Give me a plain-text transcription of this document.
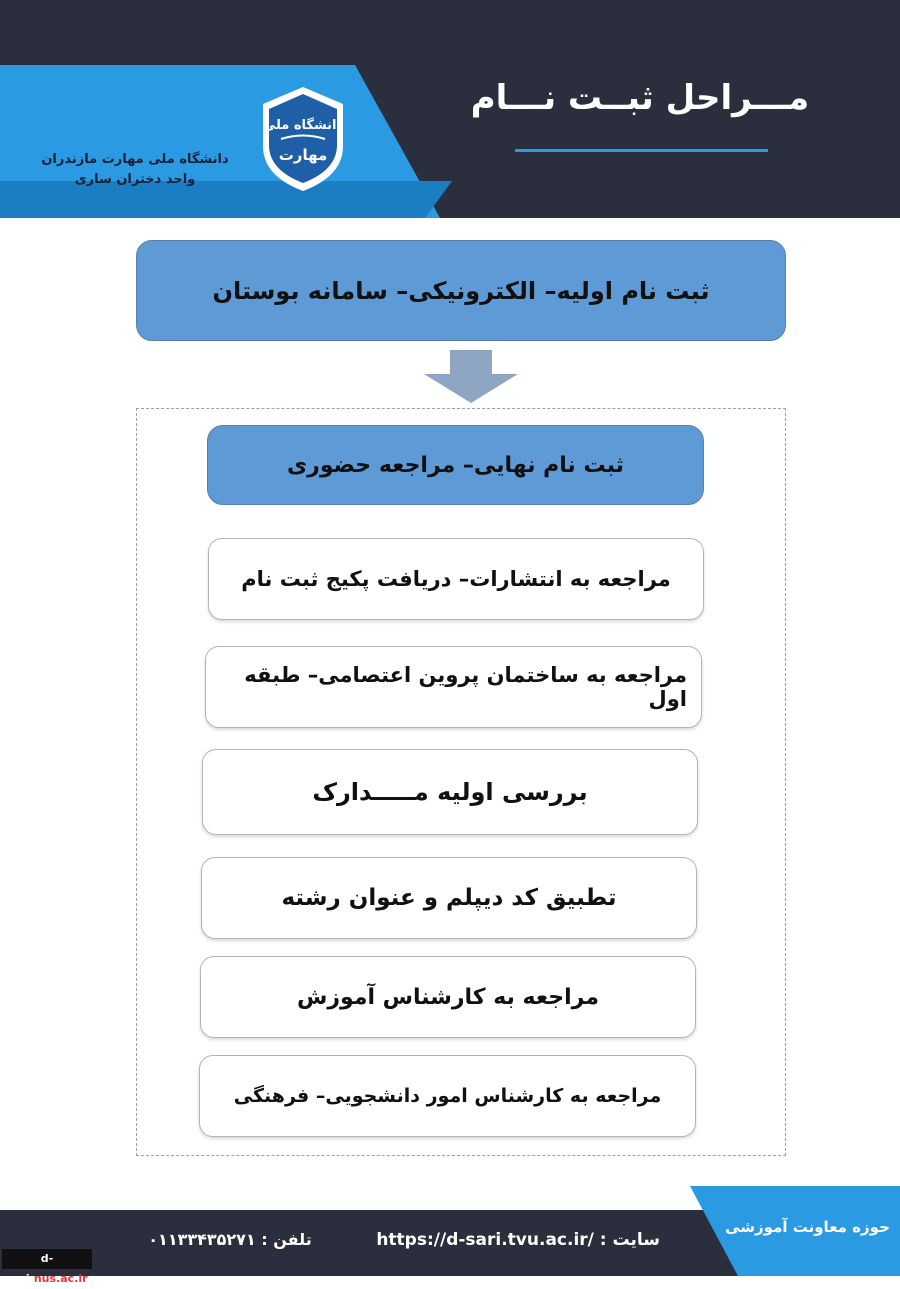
دانشگاه ملی
مهارت
دانشگاه ملی مهارت مازندران
واحد دختران ساری
مـــراحل ثبــت نـــام
ثبت نام اولیه– الکترونیکی– سامانه بوستان
ثبت نام نهایی– مراجعه حضوری
مراجعه به انتشارات– دریافت پکیج ثبت نام
مراجعه به ساختمان پروین اعتصامی– طبقه اول
بررسی اولیه مـــــدارک
تطبیق کد دیپلم و عنوان رشته
مراجعه به کارشناس آموزش
مراجعه به کارشناس امور دانشجویی– فرهنگی
حوزه معاونت آموزشی
سایت : https://d-sari.tvu.ac.ir/
تلفن : ۰۱۱۳۳۴۳۵۲۷۱
d-sari.nus.ac.ir
